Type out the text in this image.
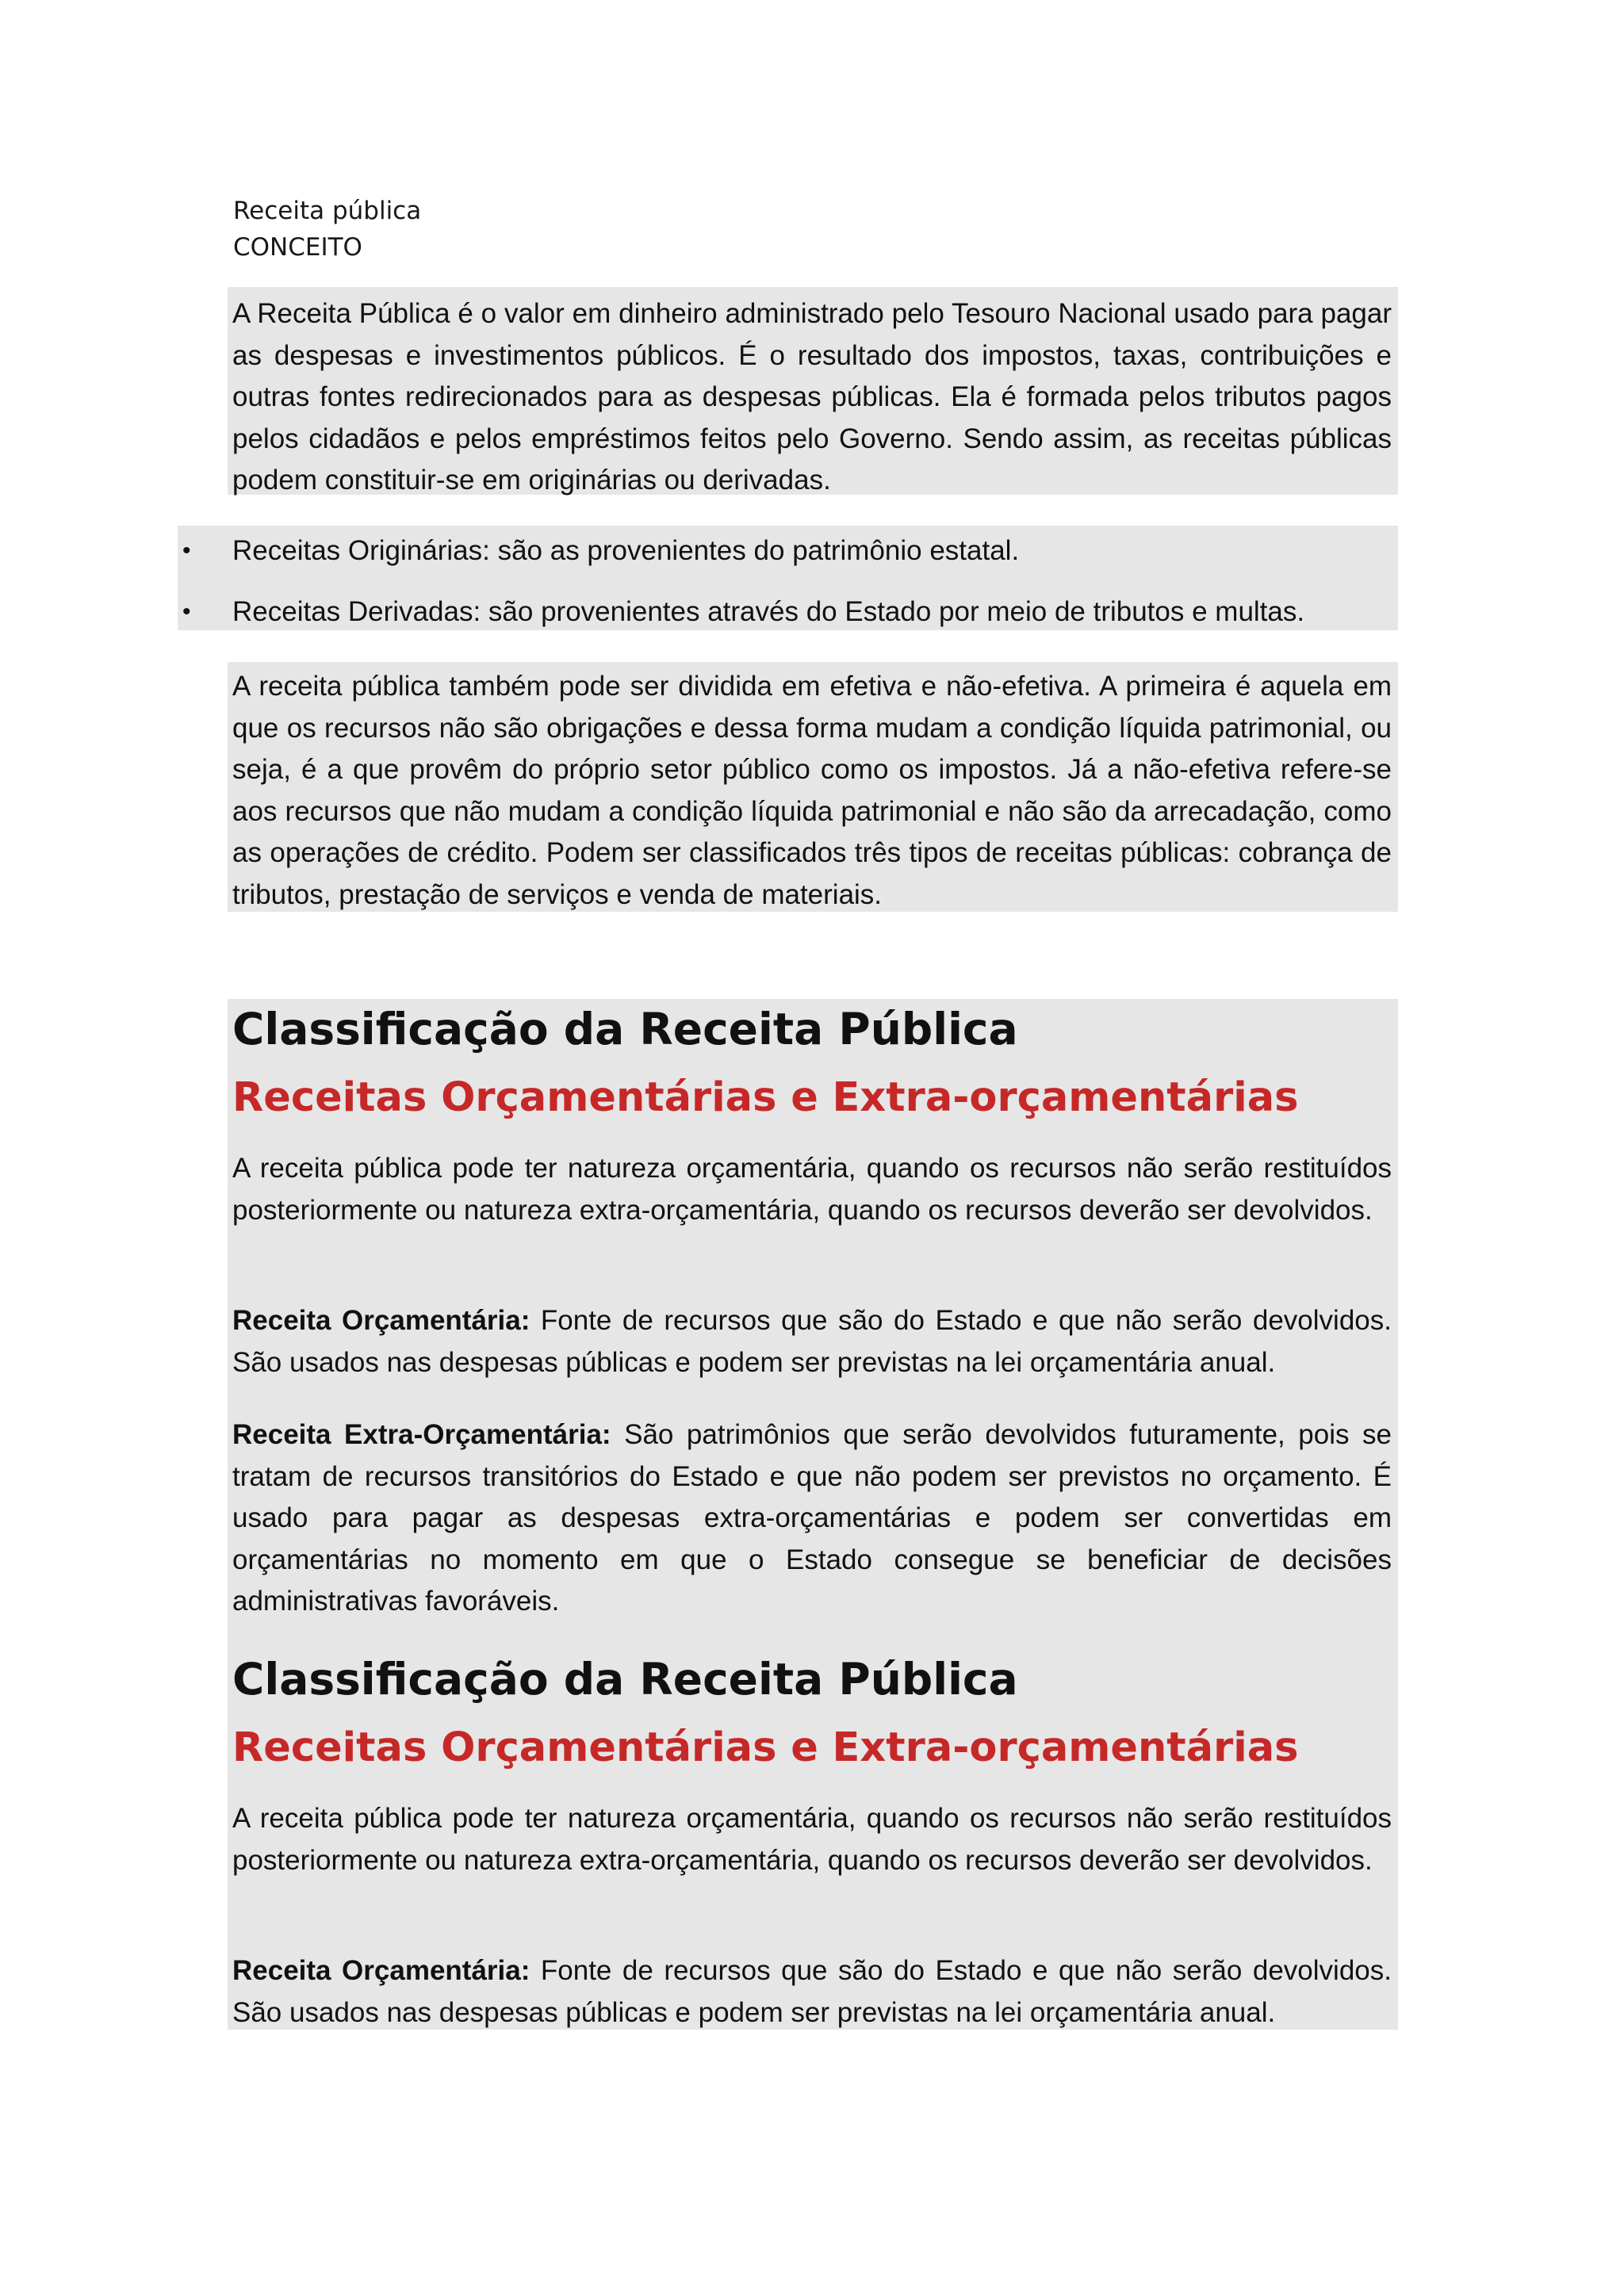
Receita pública
CONCEITO

A Receita Pública é o valor em dinheiro administrado pelo Tesouro Nacional usado para pagar as despesas e investimentos públicos. É o resultado dos impostos, taxas, contribuições e outras fontes redirecionados para as despesas públicas. Ela é formada pelos tributos pagos pelos cidadãos e pelos empréstimos feitos pelo Governo. Sendo assim, as receitas públicas podem constituir-se em originárias ou derivadas.

• Receitas Originárias: são as provenientes do patrimônio estatal.
• Receitas Derivadas: são provenientes através do Estado por meio de tributos e multas.

A receita pública também pode ser dividida em efetiva e não-efetiva. A primeira é aquela em que os recursos não são obrigações e dessa forma mudam a condição líquida patrimonial, ou seja, é a que provêm do próprio setor público como os impostos. Já a não-efetiva refere-se aos recursos que não mudam a condição líquida patrimonial e não são da arrecadação, como as operações de crédito. Podem ser classificados três tipos de receitas públicas: cobrança de tributos, prestação de serviços e venda de materiais.

Classificação da Receita Pública
Receitas Orçamentárias e Extra-orçamentárias

A receita pública pode ter natureza orçamentária, quando os recursos não serão restituídos posteriormente ou natureza extra-orçamentária, quando os recursos deverão ser devolvidos.

Receita Orçamentária: Fonte de recursos que são do Estado e que não serão devolvidos. São usados nas despesas públicas e podem ser previstas na lei orçamentária anual.

Receita Extra-Orçamentária: São patrimônios que serão devolvidos futuramente, pois se tratam de recursos transitórios do Estado e que não podem ser previstos no orçamento. É usado para pagar as despesas extra-orçamentárias e podem ser convertidas em orçamentárias no momento em que o Estado consegue se beneficiar de decisões administrativas favoráveis.

Classificação da Receita Pública
Receitas Orçamentárias e Extra-orçamentárias

A receita pública pode ter natureza orçamentária, quando os recursos não serão restituídos posteriormente ou natureza extra-orçamentária, quando os recursos deverão ser devolvidos.

Receita Orçamentária: Fonte de recursos que são do Estado e que não serão devolvidos. São usados nas despesas públicas e podem ser previstas na lei orçamentária anual.
